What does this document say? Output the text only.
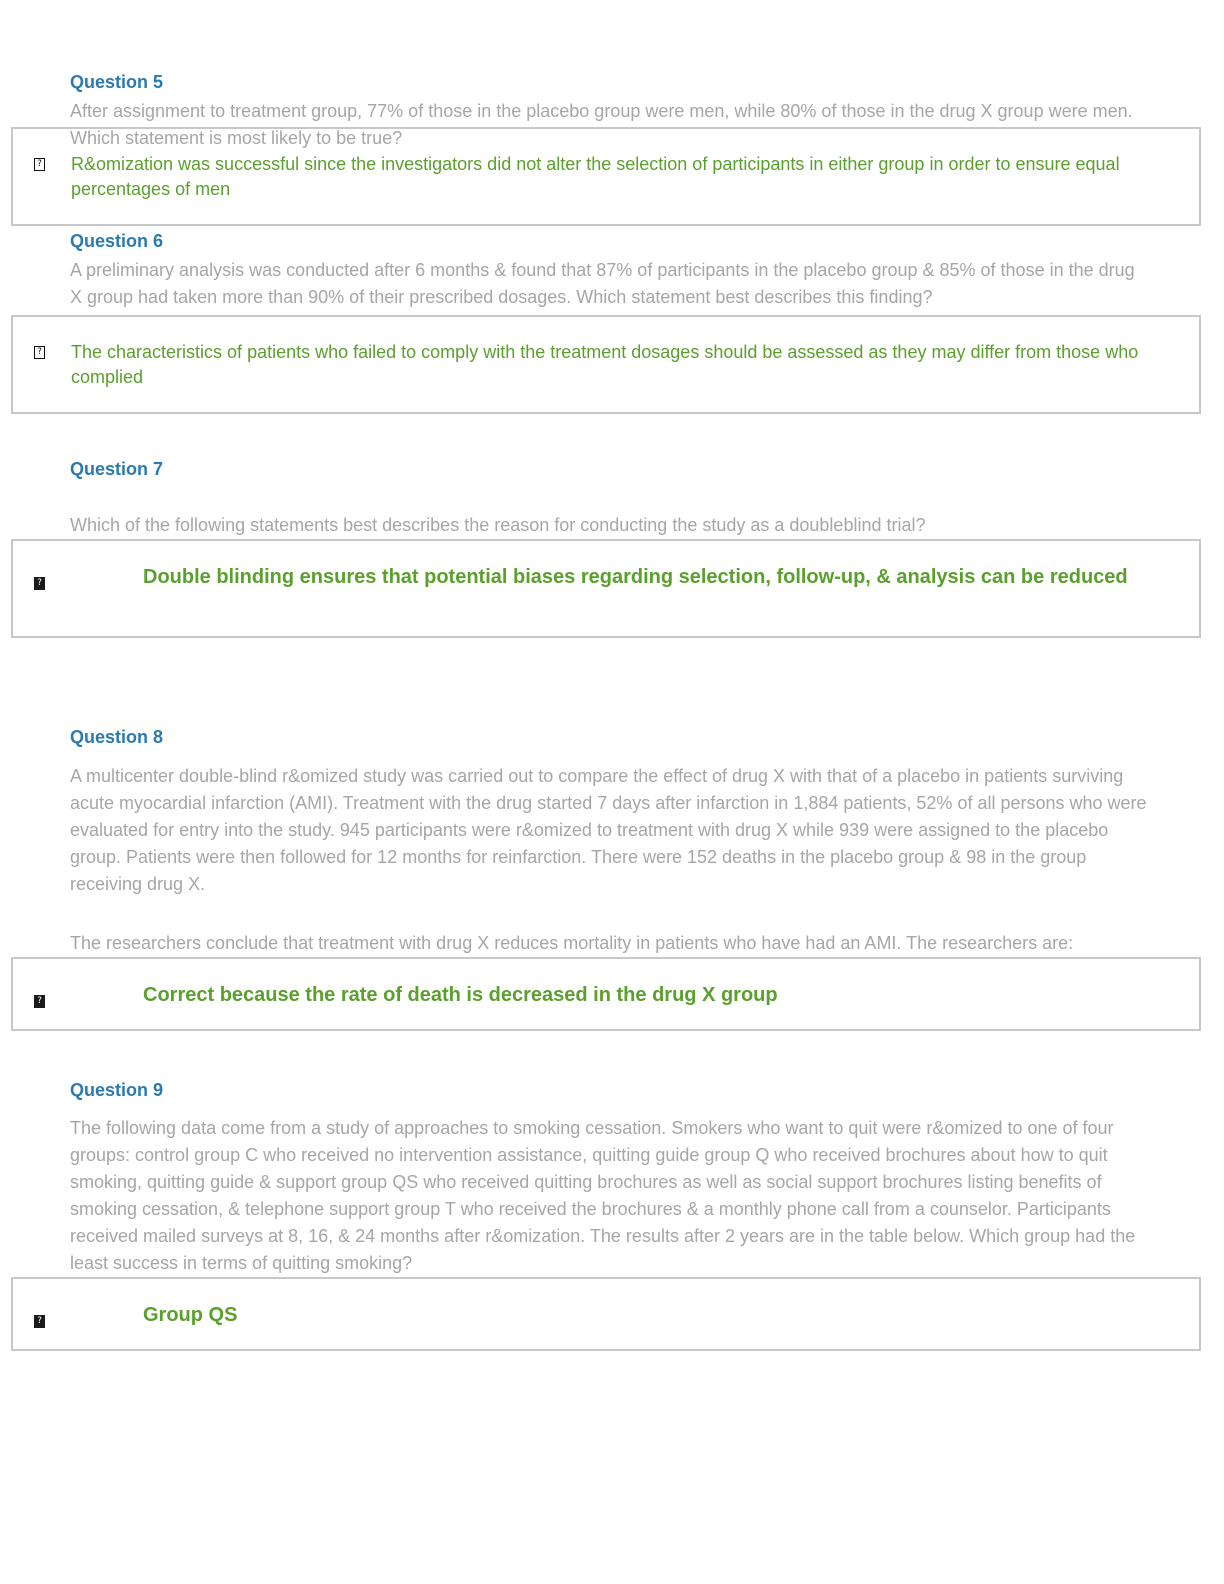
Question 5
After assignment to treatment group, 77% of those in the placebo group were men, while 80% of those in the drug X group were men. Which statement is most likely to be true?
? R&omization was successful since the investigators did not alter the selection of participants in either group in order to ensure equal percentages of men
Question 6
A preliminary analysis was conducted after 6 months & found that 87% of participants in the placebo group & 85% of those in the drug X group had taken more than 90% of their prescribed dosages. Which statement best describes this finding?
? The characteristics of patients who failed to comply with the treatment dosages should be assessed as they may differ from those who complied
Question 7
Which of the following statements best describes the reason for conducting the study as a doubleblind trial?
?	Double blinding ensures that potential biases regarding selection, follow-up, & analysis can be reduced
Question 8
A multicenter double-blind r&omized study was carried out to compare the effect of drug X with that of a placebo in patients surviving acute myocardial infarction (AMI). Treatment with the drug started 7 days after infarction in 1,884 patients, 52% of all persons who were evaluated for entry into the study. 945 participants were r&omized to treatment with drug X while 939 were assigned to the placebo group. Patients were then followed for 12 months for reinfarction. There were 152 deaths in the placebo group & 98 in the group receiving drug X.
The researchers conclude that treatment with drug X reduces mortality in patients who have had an AMI. The researchers are:
?	Correct because the rate of death is decreased in the drug X group
Question 9
The following data come from a study of approaches to smoking cessation. Smokers who want to quit were r&omized to one of four groups: control group C who received no intervention assistance, quitting guide group Q who received brochures about how to quit smoking, quitting guide & support group QS who received quitting brochures as well as social support brochures listing benefits of smoking cessation, & telephone support group T who received the brochures & a monthly phone call from a counselor. Participants received mailed surveys at 8, 16, & 24 months after r&omization. The results after 2 years are in the table below. Which group had the least success in terms of quitting smoking?
?	Group QS
